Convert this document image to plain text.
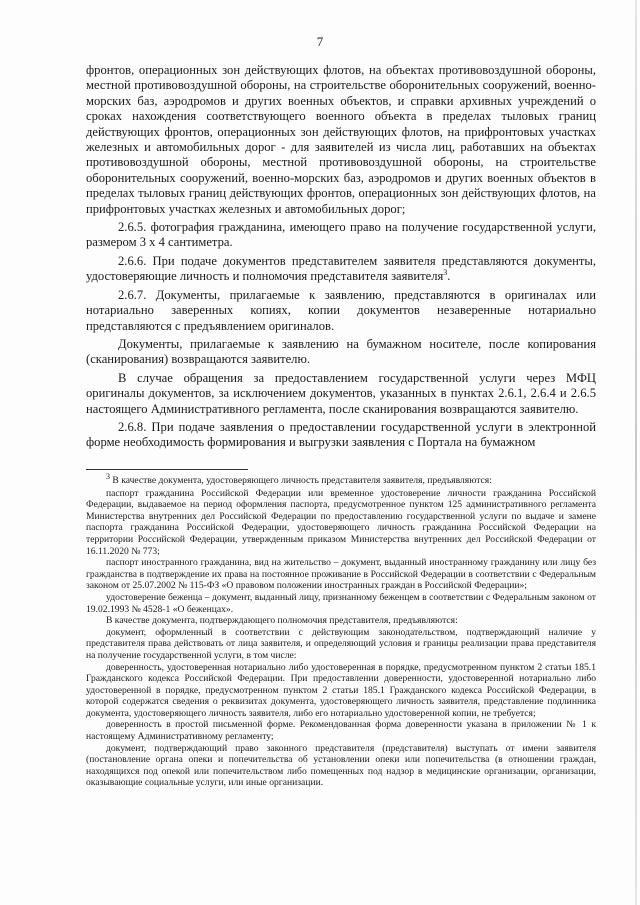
7

фронтов, операционных зон действующих флотов, на объектах противовоздушной обороны, местной противовоздушной обороны, на строительстве оборонительных сооружений, военно-морских баз, аэродромов и других военных объектов, и справки архивных учреждений о сроках нахождения соответствующего военного объекта в пределах тыловых границ действующих фронтов, операционных зон действующих флотов, на прифронтовых участках железных и автомобильных дорог - для заявителей из числа лиц, работавших на объектах противовоздушной обороны, местной противовоздушной обороны, на строительстве оборонительных сооружений, военно-морских баз, аэродромов и других военных объектов в пределах тыловых границ действующих фронтов, операционных зон действующих флотов, на прифронтовых участках железных и автомобильных дорог;

2.6.5. фотография гражданина, имеющего право на получение государственной услуги, размером 3 х 4 сантиметра.

2.6.6. При подаче документов представителем заявителя представляются документы, удостоверяющие личность и полномочия представителя заявителя$^3$.

2.6.7. Документы, прилагаемые к заявлению, представляются в оригиналах или нотариально заверенных копиях, копии документов незаверенные нотариально представляются с предъявлением оригиналов.

Документы, прилагаемые к заявлению на бумажном носителе, после копирования (сканирования) возвращаются заявителю.

В случае обращения за предоставлением государственной услуги через МФЦ оригиналы документов, за исключением документов, указанных в пунктах 2.6.1, 2.6.4 и 2.6.5 настоящего Административного регламента, после сканирования возвращаются заявителю.

2.6.8. При подаче заявления о предоставлении государственной услуги в электронной форме необходимость формирования и выгрузки заявления с Портала на бумажном

$^3$ В качестве документа, удостоверяющего личность представителя заявителя, предъявляются:

паспорт гражданина Российской Федерации или временное удостоверение личности гражданина Российской Федерации, выдаваемое на период оформления паспорта, предусмотренное пунктом 125 административного регламента Министерства внутренних дел Российской Федерации по предоставлению государственной услуги по выдаче и замене паспорта гражданина Российской Федерации, удостоверяющего личность гражданина Российской Федерации на территории Российской Федерации, утвержденным приказом Министерства внутренних дел Российской Федерации от 16.11.2020 № 773;

паспорт иностранного гражданина, вид на жительство – документ, выданный иностранному гражданину или лицу без гражданства в подтверждение их права на постоянное проживание в Российской Федерации в соответствии с Федеральным законом от 25.07.2002 № 115-ФЗ «О правовом положении иностранных граждан в Российской Федерации»;

удостоверение беженца – документ, выданный лицу, признанному беженцем в соответствии с Федеральным законом от 19.02.1993 № 4528-1 «О беженцах».

В качестве документа, подтверждающего полномочия представителя, предъявляются:

документ, оформленный в соответствии с действующим законодательством, подтверждающий наличие у представителя права действовать от лица заявителя, и определяющий условия и границы реализации права представителя на получение государственной услуги, в том числе:

доверенность, удостоверенная нотариально либо удостоверенная в порядке, предусмотренном пунктом 2 статьи 185.1 Гражданского кодекса Российской Федерации. При предоставлении доверенности, удостоверенной нотариально либо удостоверенной в порядке, предусмотренном пунктом 2 статьи 185.1 Гражданского кодекса Российской Федерации, в которой содержатся сведения о реквизитах документа, удостоверяющего личность заявителя, представление подлинника документа, удостоверяющего личность заявителя, либо его нотариально удостоверенной копии, не требуется;

доверенность в простой письменной форме. Рекомендованная форма доверенности указана в приложении № 1 к настоящему Административному регламенту;

документ, подтверждающий право законного представителя (представителя) выступать от имени заявителя (постановление органа опеки и попечительства об установлении опеки или попечительства (в отношении граждан, находящихся под опекой или попечительством либо помещенных под надзор в медицинские организации, организации, оказывающие социальные услуги, или иные организации.
